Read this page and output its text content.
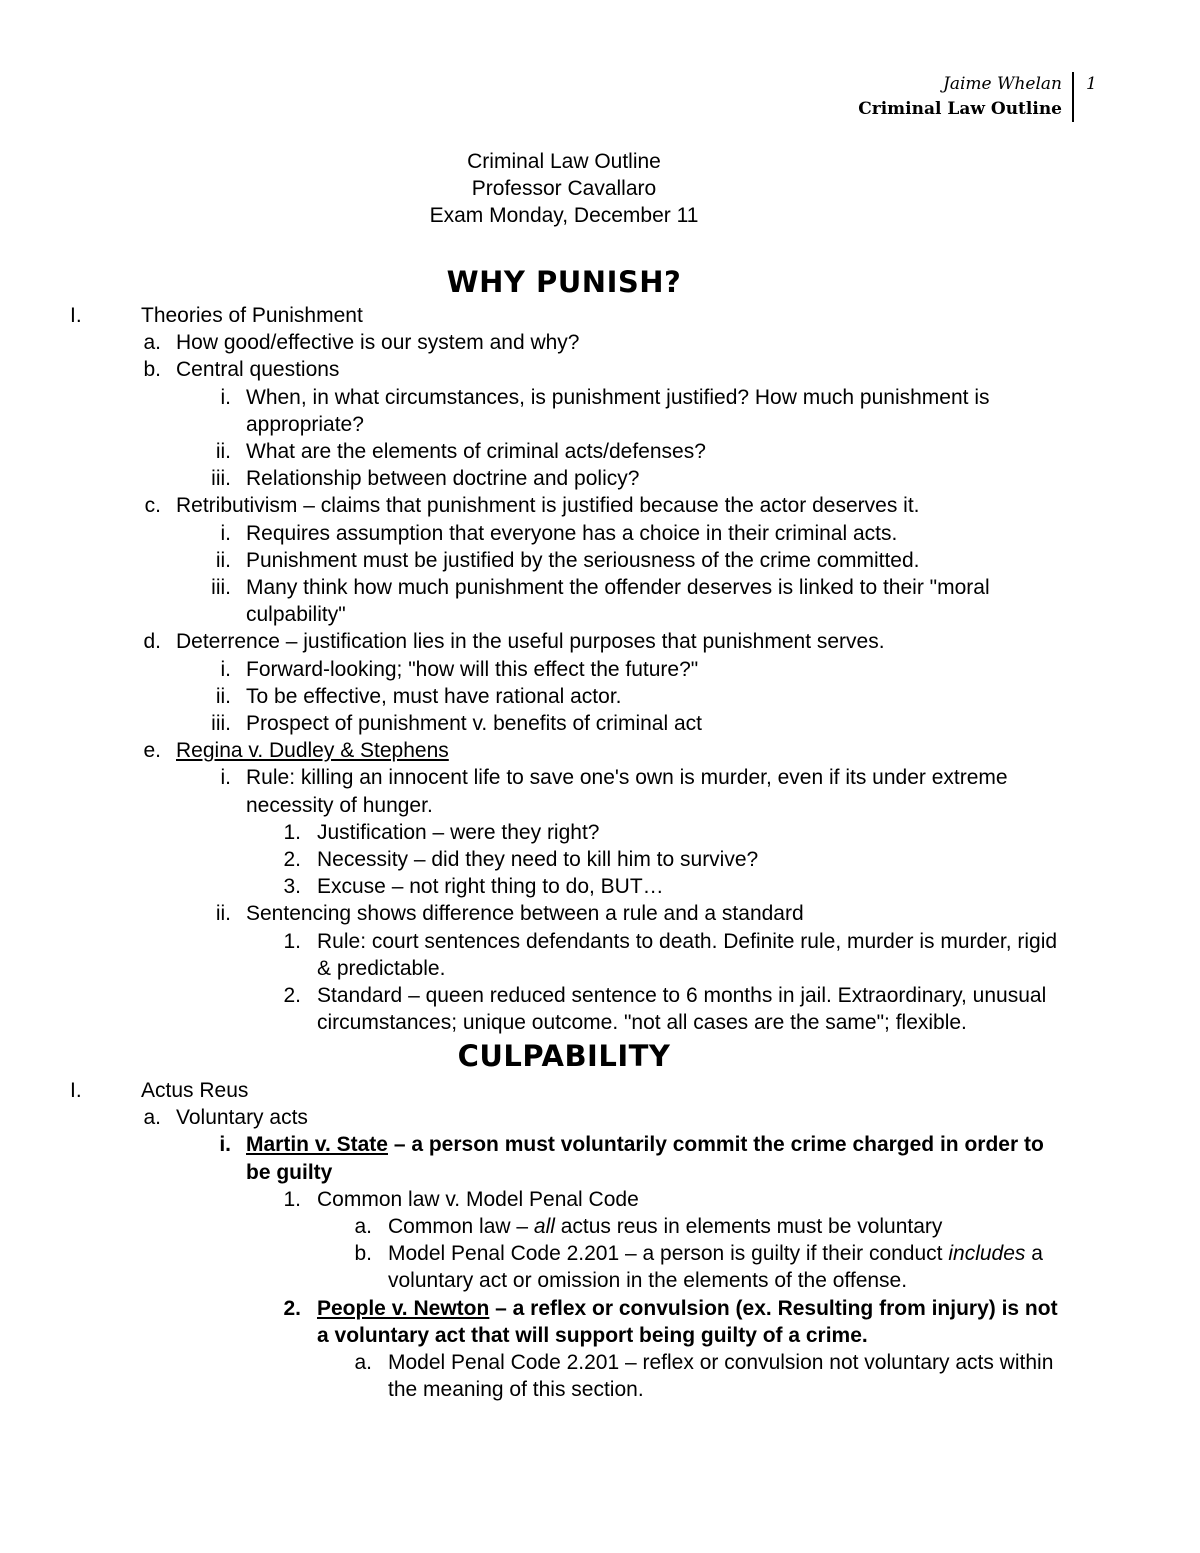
Jaime Whelan
Criminal Law Outline
1
Criminal Law Outline
Professor Cavallaro
Exam Monday, December 11
WHY PUNISH?
I.	Theories of Punishment
a. How good/effective is our system and why?
b. Central questions
i. When, in what circumstances, is punishment justified? How much punishment is
appropriate?
ii. What are the elements of criminal acts/defenses?
iii. Relationship between doctrine and policy?
c. Retributivism – claims that punishment is justified because the actor deserves it.
i. Requires assumption that everyone has a choice in their criminal acts.
ii. Punishment must be justified by the seriousness of the crime committed.
iii. Many think how much punishment the offender deserves is linked to their "moral
culpability"
d. Deterrence – justification lies in the useful purposes that punishment serves.
i. Forward-looking; "how will this effect the future?"
ii. To be effective, must have rational actor.
iii. Prospect of punishment v. benefits of criminal act
e. Regina v. Dudley & Stephens
i. Rule: killing an innocent life to save one's own is murder, even if its under extreme
necessity of hunger.
1. Justification – were they right?
2. Necessity – did they need to kill him to survive?
3. Excuse – not right thing to do, BUT…
ii. Sentencing shows difference between a rule and a standard
1. Rule: court sentences defendants to death. Definite rule, murder is murder, rigid
& predictable.
2. Standard – queen reduced sentence to 6 months in jail. Extraordinary, unusual
circumstances; unique outcome. "not all cases are the same"; flexible.
CULPABILITY
I.	Actus Reus
a. Voluntary acts
i. Martin v. State – a person must voluntarily commit the crime charged in order to
be guilty
1. Common law v. Model Penal Code
a. Common law – all actus reus in elements must be voluntary
b. Model Penal Code 2.201 – a person is guilty if their conduct includes a
voluntary act or omission in the elements of the offense.
2. People v. Newton – a reflex or convulsion (ex. Resulting from injury) is not
a voluntary act that will support being guilty of a crime.
a. Model Penal Code 2.201 – reflex or convulsion not voluntary acts within
the meaning of this section.
